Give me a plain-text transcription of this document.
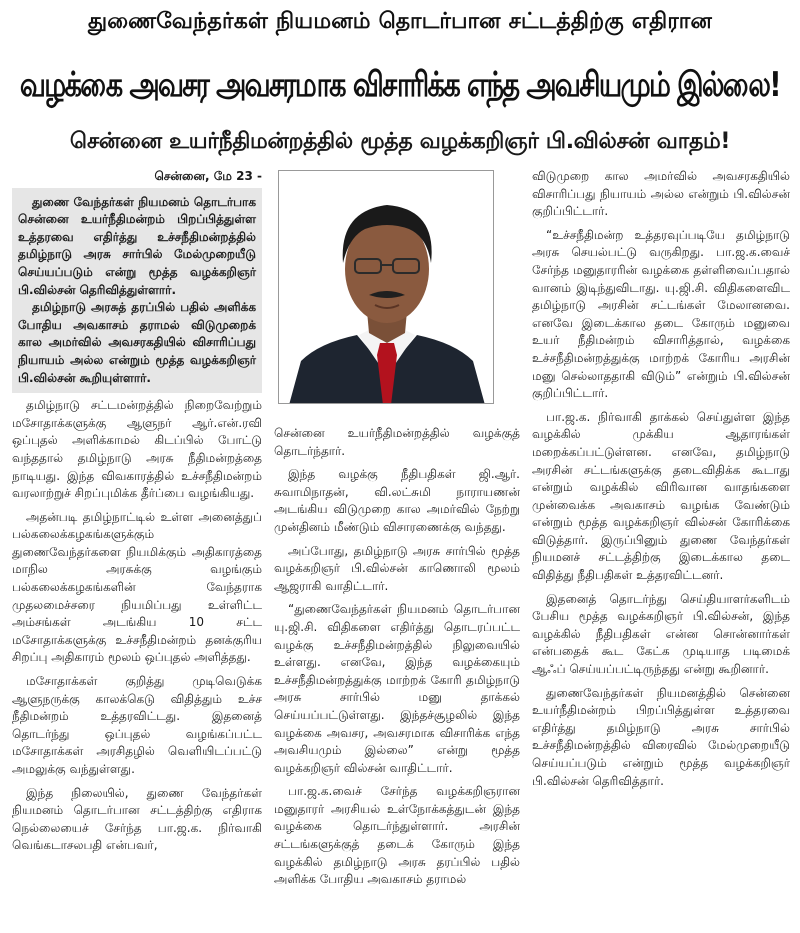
துணைவேந்தர்கள் நியமனம் தொடர்பான சட்டத்திற்கு எதிரான
வழக்கை அவசர அவசரமாக விசாரிக்க எந்த அவசியமும் இல்லை!
சென்னை உயர்நீதிமன்றத்தில் மூத்த வழக்கறிஞர் பி.வில்சன் வாதம்!
சென்னை, மே 23 -

துணை வேந்தர்கள் நியமனம் தொடர்பாக சென்னை உயர்நீதிமன்றம் பிறப்பித்துள்ள உத்தரவை எதிர்த்து உச்சநீதிமன்றத்தில் தமிழ்நாடு அரசு சார்பில் மேல்முறையீடு செய்யப்படும் என்று மூத்த வழக்கறிஞர் பி.வில்சன் தெரிவித்துள்ளார்.

தமிழ்நாடு அரசுத் தரப்பில் பதில் அளிக்க போதிய அவகாசம் தராமல் விடுமுறைக் கால அமர்வில் அவசரகதியில் விசாரிப்பது நியாயம் அல்ல என்றும் மூத்த வழக்கறிஞர் பி.வில்சன் கூறியுள்ளார்.

தமிழ்நாடு சட்டமன்றத்தில் நிறைவேற்றும் மசோதாக்களுக்கு ஆளுநர் ஆர்.என்.ரவி ஒப்புதல் அளிக்காமல் கிடப்பில் போட்டு வந்ததால் தமிழ்நாடு அரசு நீதிமன்றத்தை நாடியது. இந்த விவகாரத்தில் உச்சநீதிமன்றம் வரலாற்றுச் சிறப்புமிக்க தீர்ப்பை வழங்கியது.

அதன்படி தமிழ்நாட்டில் உள்ள அனைத்துப் பல்கலைக்கழகங்களுக்கும் துணைவேந்தர்களை நியமிக்கும் அதிகாரத்தை மாநில அரசுக்கு வழங்கும் பல்கலைக்கழகங்களின் வேந்தராக முதலமைச்சரை நியமிப்பது உள்ளிட்ட அம்சங்கள் அடங்கிய 10 சட்ட மசோதாக்களுக்கு உச்சநீதிமன்றம் தனக்குரிய சிறப்பு அதிகாரம் மூலம் ஒப்புதல் அளித்தது.

மசோதாக்கள் குறித்து முடிவெடுக்க ஆளுநருக்கு காலக்கெடு விதித்தும் உச்ச நீதிமன்றம் உத்தரவிட்டது. இதனைத் தொடர்ந்து ஒப்புதல் வழங்கப்பட்ட மசோதாக்கள் அரசிதழில் வெளியிடப்பட்டு அமலுக்கு வந்துள்ளது.

இந்த நிலையில், துணை வேந்தர்கள் நியமனம் தொடர்பான சட்டத்திற்கு எதிராக நெல்லையைச் சேர்ந்த பா.ஜ.க. நிர்வாகி வெங்கடாசலபதி என்பவர்,

சென்னை உயர்நீதிமன்றத்தில் வழக்குத் தொடர்ந்தார்.

இந்த வழக்கு நீதிபதிகள் ஜி.ஆர். சுவாமிநாதன், வி.லட்சுமி நாராயணன் அடங்கிய விடுமுறை கால அமர்வில் நேற்று முன்தினம் மீண்டும் விசாரணைக்கு வந்தது.

அப்போது, தமிழ்நாடு அரசு சார்பில் மூத்த வழக்கறிஞர் பி.வில்சன் காணொலி மூலம் ஆஜராகி வாதிட்டார்.

“துணைவேந்தர்கள் நியமனம் தொடர்பான யு.ஜி.சி. விதிகளை எதிர்த்து தொடரப்பட்ட வழக்கு உச்சநீதிமன்றத்தில் நிலுவையில் உள்ளது. எனவே, இந்த வழக்கையும் உச்சநீதிமன்றத்துக்கு மாற்றக் கோரி தமிழ்நாடு அரசு சார்பில் மனு தாக்கல் செய்யப்பட்டுள்ளது. இந்தச்சூழலில் இந்த வழக்கை அவசர, அவசரமாக விசாரிக்க எந்த அவசியமும் இல்லை” என்று மூத்த வழக்கறிஞர் வில்சன் வாதிட்டார்.

பா.ஜ.க.வைச் சேர்ந்த வழக்கறிஞரான மனுதாரர் அரசியல் உள்நோக்கத்துடன் இந்த வழக்கை தொடர்ந்துள்ளார். அரசின் சட்டங்களுக்குத் தடைக் கோரும் இந்த வழக்கில் தமிழ்நாடு அரசு தரப்பில் பதில் அளிக்க போதிய அவகாசம் தராமல்

விடுமுறை கால அமர்வில் அவசரகதியில் விசாரிப்பது நியாயம் அல்ல என்றும் பி.வில்சன் குறிப்பிட்டார்.

“உச்சநீதிமன்ற உத்தரவுப்படியே தமிழ்நாடு அரசு செயல்பட்டு வருகிறது. பா.ஜ.க.வைச் சேர்ந்த மனுதாரரின் வழக்கை தள்ளிவைப்பதால் வானம் இடிந்துவிடாது. யு.ஜி.சி. விதிகளைவிட தமிழ்நாடு அரசின் சட்டங்கள் மேலானவை. எனவே இடைக்கால தடை கோரும் மனுவை உயர் நீதிமன்றம் விசாரித்தால், வழக்கை உச்சநீதிமன்றத்துக்கு மாற்றக் கோரிய அரசின் மனு செல்லாததாகி விடும்” என்றும் பி.வில்சன் குறிப்பிட்டார்.

பா.ஜ.க. நிர்வாகி தாக்கல் செய்துள்ள இந்த வழக்கில் முக்கிய ஆதாரங்கள் மறைக்கப்பட்டுள்ளன. எனவே, தமிழ்நாடு அரசின் சட்டங்களுக்கு தடைவிதிக்க கூடாது என்றும் வழக்கில் விரிவான வாதங்களை முன்வைக்க அவகாசம் வழங்க வேண்டும் என்றும் மூத்த வழக்கறிஞர் வில்சன் கோரிக்கை விடுத்தார். இருப்பினும் துணை வேந்தர்கள் நியமனச் சட்டத்திற்கு இடைக்கால தடை விதித்து நீதிபதிகள் உத்தரவிட்டனர்.

இதனைத் தொடர்ந்து செய்தியாளர்களிடம் பேசிய மூத்த வழக்கறிஞர் பி.வில்சன், இந்த வழக்கில் நீதிபதிகள் என்ன சொன்னார்கள் என்பதைக் கூட கேட்க முடியாத படிமைக் ஆஃப் செய்யப்பட்டிருந்தது என்று கூறினார்.

துணைவேந்தர்கள் நியமனத்தில் சென்னை உயர்நீதிமன்றம் பிறப்பித்துள்ள உத்தரவை எதிர்த்து தமிழ்நாடு அரசு சார்பில் உச்சநீதிமன்றத்தில் விரைவில் மேல்முறையீடு செய்யப்படும் என்றும் மூத்த வழக்கறிஞர் பி.வில்சன் தெரிவித்தார்.
